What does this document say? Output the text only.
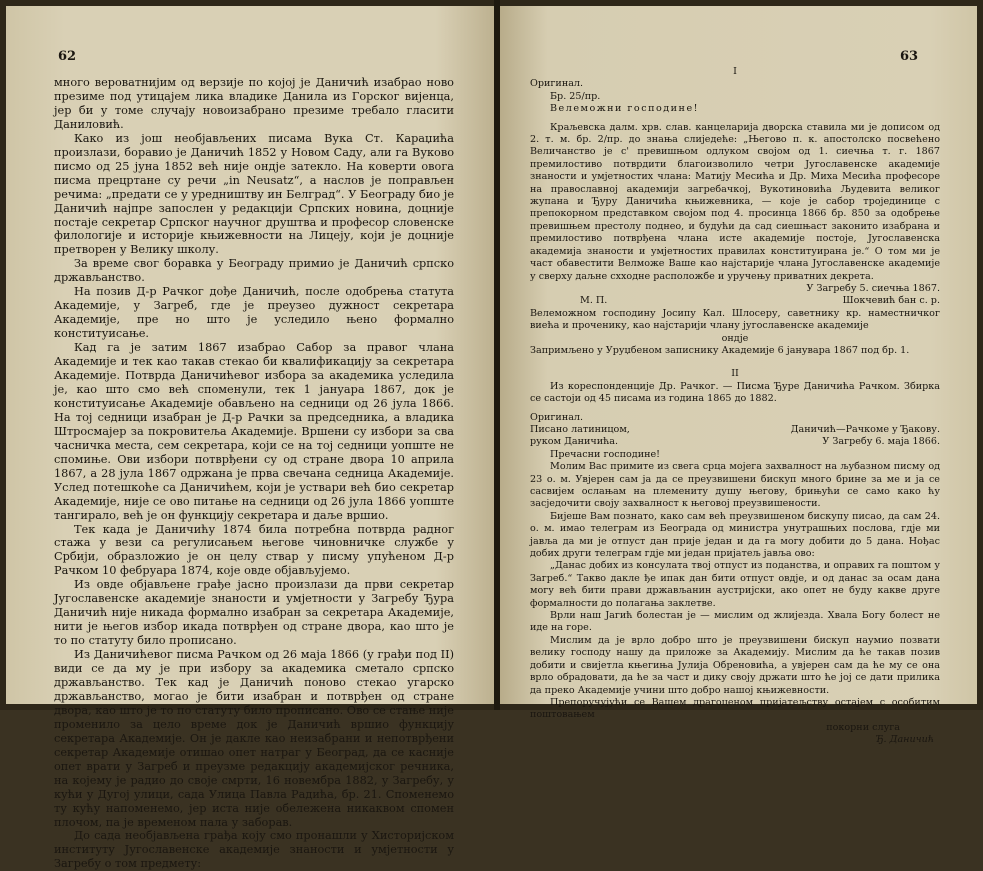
62

много вероватнијим од верзије по којој је Даничић изабрао ново презиме под утицајем лика владике Данила из Горског вијенца, јер би у томе случају новоизабрано презиме требало гласити Даниловић.

Како из још необјављених писама Вука Ст. Караџића произлази, боравио је Даничић 1852 у Новом Саду, али га Вуково писмо од 25 јуна 1852 већ није ондје затекло. На коверти овога писма прецртане су речи „in Neusatz“, а наслов је поправљен речима: „предати се у уредништву ин Белград“. У Београду био је Даничић најпре запослен у редакцији Српских новина, доцније постаје секретар Српског научног друштва и професор словенске филологије и историје књижевности на Лицеју, који је доцније претворен у Велику школу.

За време свог боравка у Београду примио је Даничић српско држављанство.

На позив Д-р Рачког дође Даничић, после одобрења статута Академије, у Загреб, где је преузео дужност секретара Академије, пре но што је уследило њено формално конституисање.

Кад га је затим 1867 изабрао Сабор за правог члана Академије и тек као такав стекао би квалификацију за секретара Академије. Потврда Даничићевог избора за академика уследила је, као што смо већ споменули, тек 1 јануара 1867, док је конституисање Академије обављено на седници од 26 јула 1866. На тој седници изабран је Д-р Рачки за председника, а владика Штросмајер за покровитеља Академије. Вршени су избори за сва часничка места, сем секретара, који се на тој седници уопште не спомиње. Ови избори потврђени су од стране двора 10 априла 1867, а 28 јула 1867 одржана је прва свечана седница Академије. Услед потешкоће са Даничићем, који је уствари већ био секретар Академије, није се ово питање на седници од 26 јула 1866 уопште тангирало, већ је он функцију секретара и даље вршио.

Тек када је Даничићу 1874 била потребна потврда радног стажа у вези са регулисањем његове чиновничке службе у Србији, образложио је он целу ствар у писму упућеном Д-р Рачком 10 фебруара 1874, које овде објављујемо.

Из овде објављене грађе јасно произлази да први секретар Југославенске академије знаности и умјетности у Загребу Ђура Даничић није никада формално изабран за секретара Академије, нити је његов избор икада потврђен од стране двора, као што је то по статуту било прописано.

Из Даничићевог писма Рачком од 26 маја 1866 (у грађи под II) види се да му је при избору за академика сметало српско држављанство. Тек кад је Даничић поново стекао угарско држављанство, могао је бити изабран и потврђен од стране двора, као што је то по статуту било прописано. Ово се стање није променило за цело време док је Даничић вршио функцију секретара Академије. Он је дакле као неизабрани и непотврђени секретар Академије отишао опет натраг у Београд, да се касније опет врати у Загреб и преузме редакцију академијског речника, на којему је радио до своје смрти, 16 новембра 1882, у Загребу, у кући у Дугој улици, сада Улица Павла Радића, бр. 21. Споменемо ту кућу напоменемо, јер иста није обележена никаквом спомен плочом, па је временом пала у заборав.

До сада необјављена грађа коју смо пронашли у Хисторијском институту Југославенске академије знаности и умјетности у Загребу о том предмету:

63

I

Оригинал.

Бр. 25/пр.

Велеможни господине!

Краљевска далм. хрв. слав. канцеларија дворска ставила ми је дописом од 2. т. м. бр. 2/пр. до знања слиједеће: „Његово п. к. апостолско посвећено Величанство је с' превишњом одлуком својом од 1. сиечња т. г. 1867 премилостиво потврдити благоизволило четри Југославенске академије знаности и умјетностих члана: Матију Месића и Др. Миха Месића професоре на православној академији загребачкој, Вукотиновића Људевита великог жупана и Ђуру Даничића књижевника, — које је сабор тројединице с препокорном представком својом под 4. просинца 1866 бр. 850 за одобрење превишњем престолу поднео, и будући да сад сиешњаст законито изабрана и премилостиво потврђена члана исте академије постоје, Југославенска академија знаности и умјетностих правилах конституирана је.“ О том ми је част обавестити Велможе Ваше као најстарије члана Југославенске академије у сверху даљне схходне расположбе и уручењу приватних декрета.

У Загребу 5. сиечња 1867.

М. П.	Шокчевић бан с. р.

Велеможном господину Јосипу Кал. Шлосеру, саветнику кр. наместничког виећа и проченику, као најстарији члану југославенске академије

ондје

Запримљено у Уруџбеном записнику Академије 6 јанувара 1867 под бр. 1.

II

Из кореспонденције Др. Рачког. — Писма Ђуре Даничића Рачком. Збирка се састоји од 45 писама из година 1865 до 1882.

Оригинал.

Писано латиницом,	Даничић—Рачкоме у Ђакову.
руком Даничића.	У Загребу 6. маја 1866.

Пречасни господине!

Молим Вас примите из свега срца мојега захвалност на љубазном писму од 23 о. м. Увјерен сам ја да се преузвишени бискуп много брине за ме и ја се сасвијем ослањам на племениту душу његову, брињући се само како ћу засједочити своју захвалност к његовој преузвишености.

Бијеше Вам познато, како сам већ преузвишеном бискупу писао, да сам 24. о. м. имао телеграм из Београда од министра унутрашњих послова, гдје ми јавља да ми је отпуст дан прије један и да га могу добити до 5 дана. Нођас добих други телеграм гдје ми један пријатељ јавља ово:

„Данас добих из консулата твој отпуст из поданства, и оправих га поштом у Загреб.“ Такво дакле ђе ипак дан бити отпуст овдје, и од данас за осам дана могу већ бити прави држављанин аустријски, ако опет не буду какве друге формалности до полагања заклетве.

Врли наш Јагић болестан је — мислим од жлијезда. Хвала Богу болест не иде на горе.

Мислим да је врло добро што је преузвишени бискуп наумио позвати велику господу нашу да приложе за Академију. Мислим да ће такав позив добити и свијетла књегиња Јулија Обреновића, а увјерен сам да ће му се она врло обрадовати, да ће за част и дику своју држати што ће јој се дати прилика да преко Академије учини што добро нашој књижевности.

Препоручујући се Вашем драгоценом пријатељству остајем с особитим поштовањем

покорни слуга

Ђ. Даничић
